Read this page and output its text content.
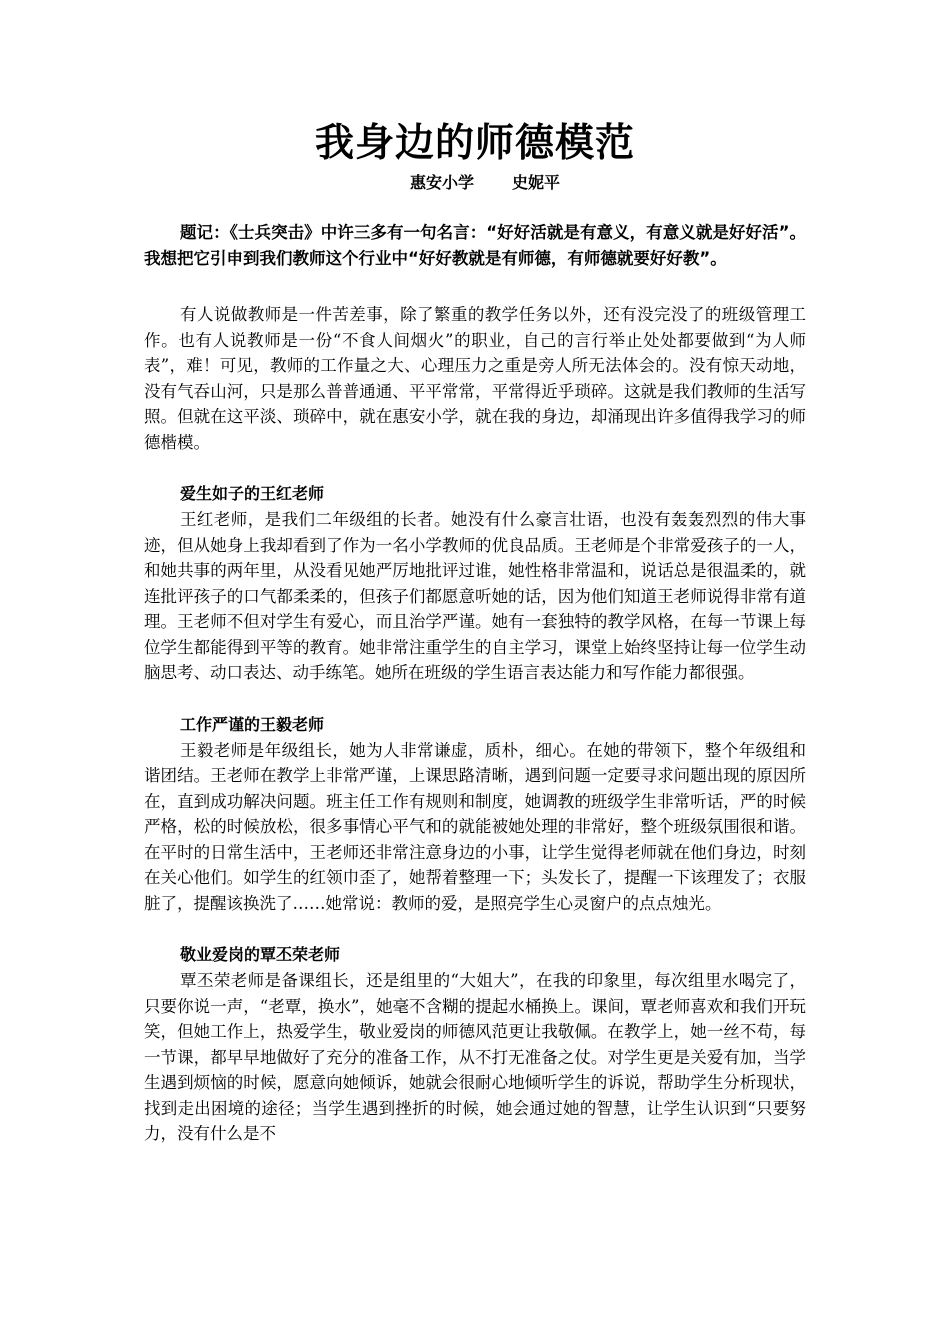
我身边的师德模范

惠安小学 史妮平

题记：《士兵突击》中许三多有一句名言：“好好活就是有意义，有意义就是好好活”。我想把它引申到我们教师这个行业中“好好教就是有师德，有师德就要好好教”。

有人说做教师是一件苦差事，除了繁重的教学任务以外，还有没完没了的班级管理工作。也有人说教师是一份“不食人间烟火”的职业，自己的言行举止处处都要做到“为人师表”，难！可见，教师的工作量之大、心理压力之重是旁人所无法体会的。没有惊天动地，没有气吞山河，只是那么普普通通、平平常常，平常得近乎琐碎。这就是我们教师的生活写照。但就在这平淡、琐碎中，就在惠安小学，就在我的身边，却涌现出许多值得我学习的师德楷模。

爱生如子的王红老师

王红老师，是我们二年级组的长者。她没有什么豪言壮语，也没有轰轰烈烈的伟大事迹，但从她身上我却看到了作为一名小学教师的优良品质。王老师是个非常爱孩子的一人，和她共事的两年里，从没看见她严厉地批评过谁，她性格非常温和，说话总是很温柔的，就连批评孩子的口气都柔柔的，但孩子们都愿意听她的话，因为他们知道王老师说得非常有道理。王老师不但对学生有爱心，而且治学严谨。她有一套独特的教学风格，在每一节课上每位学生都能得到平等的教育。她非常注重学生的自主学习，课堂上始终坚持让每一位学生动脑思考、动口表达、动手练笔。她所在班级的学生语言表达能力和写作能力都很强。

工作严谨的王毅老师

王毅老师是年级组长，她为人非常谦虚，质朴，细心。在她的带领下，整个年级组和谐团结。王老师在教学上非常严谨，上课思路清晰，遇到问题一定要寻求问题出现的原因所在，直到成功解决问题。班主任工作有规则和制度，她调教的班级学生非常听话，严的时候严格，松的时候放松，很多事情心平气和的就能被她处理的非常好，整个班级氛围很和谐。在平时的日常生活中，王老师还非常注意身边的小事，让学生觉得老师就在他们身边，时刻在关心他们。如学生的红领巾歪了，她帮着整理一下；头发长了，提醒一下该理发了；衣服脏了，提醒该换洗了……她常说：教师的爱，是照亮学生心灵窗户的点点烛光。

敬业爱岗的覃丕荣老师

覃丕荣老师是备课组长，还是组里的“大姐大”，在我的印象里，每次组里水喝完了，只要你说一声，“老覃，换水”，她毫不含糊的提起水桶换上。课间，覃老师喜欢和我们开玩笑，但她工作上，热爱学生，敬业爱岗的师德风范更让我敬佩。在教学上，她一丝不苟，每一节课，都早早地做好了充分的准备工作，从不打无准备之仗。对学生更是关爱有加，当学生遇到烦恼的时候，愿意向她倾诉，她就会很耐心地倾听学生的诉说，帮助学生分析现状，找到走出困境的途径；当学生遇到挫折的时候，她会通过她的智慧，让学生认识到“只要努力，没有什么是不
